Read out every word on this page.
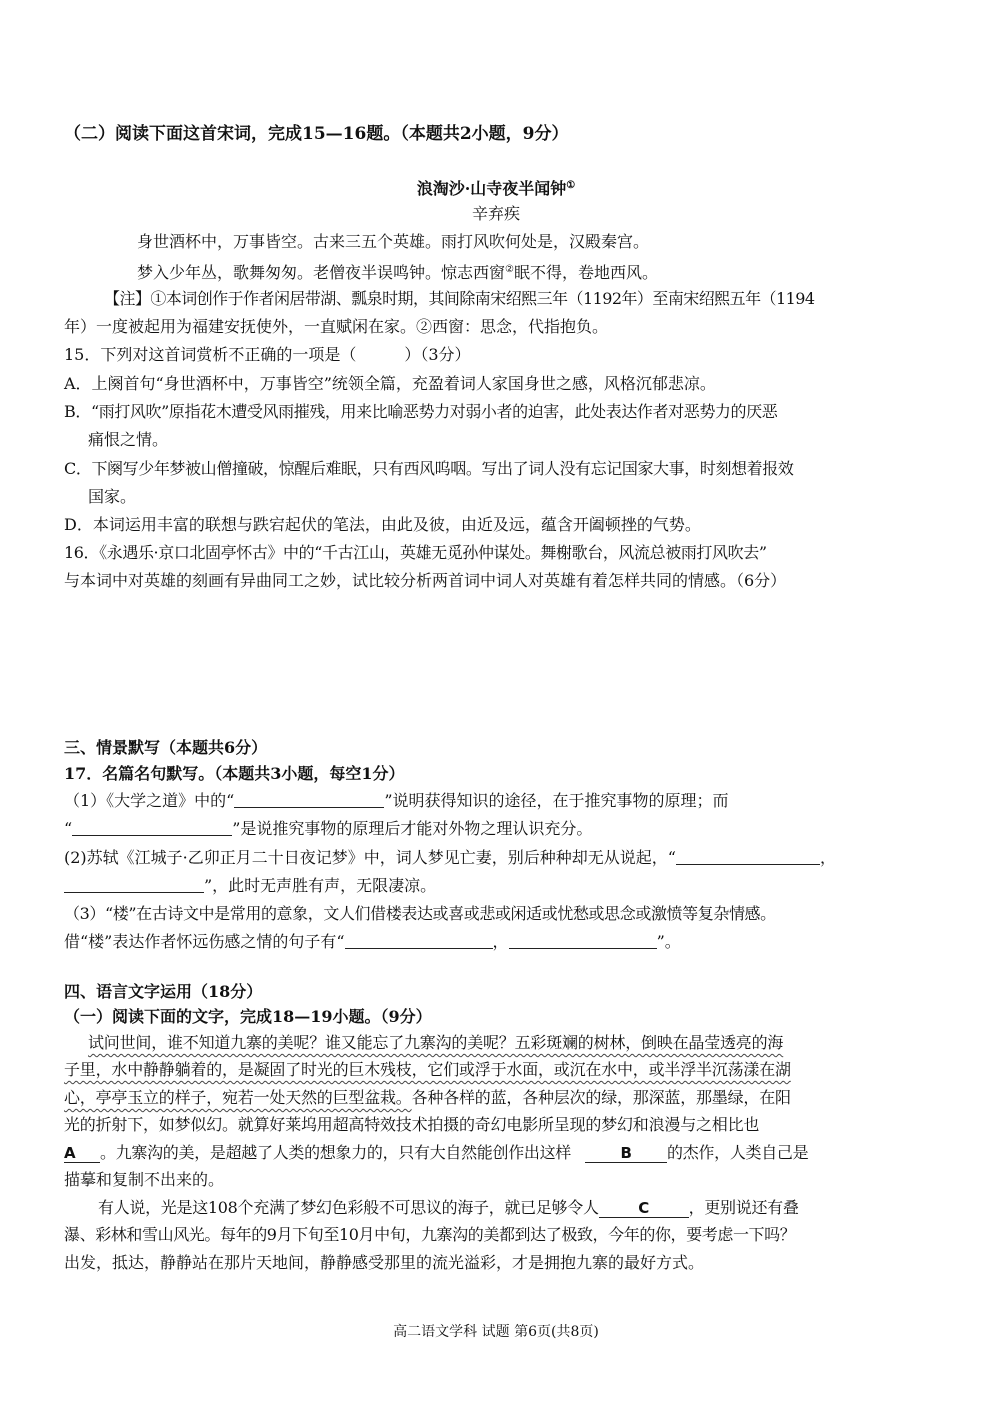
（二）阅读下面这首宋词，完成15—16题。（本题共2小题，9分）
浪淘沙·山寺夜半闻钟①
辛弃疾
身世酒杯中，万事皆空。古来三五个英雄。雨打风吹何处是，汉殿秦宫。
梦入少年丛，歌舞匆匆。老僧夜半误鸣钟。惊志西窗②眠不得，卷地西风。
【注】①本词创作于作者闲居带湖、瓢泉时期，其间除南宋绍熙三年（1192年）至南宋绍熙五年（1194
年）一度被起用为福建安抚使外，一直赋闲在家。②西窗：思念，代指抱负。
15．下列对这首词赏析不正确的一项是（　　　）（3分）
A．上阕首句“身世酒杯中，万事皆空”统领全篇，充盈着词人家国身世之感，风格沉郁悲凉。
B．“雨打风吹”原指花木遭受风雨摧残，用来比喻恶势力对弱小者的迫害，此处表达作者对恶势力的厌恶
痛恨之情。
C．下阕写少年梦被山僧撞破，惊醒后难眠，只有西风呜咽。写出了词人没有忘记国家大事，时刻想着报效
国家。
D．本词运用丰富的联想与跌宕起伏的笔法，由此及彼，由近及远，蕴含开阖顿挫的气势。
16．《永遇乐·京口北固亭怀古》中的“千古江山，英雄无觅孙仲谋处。舞榭歌台，风流总被雨打风吹去”
与本词中对英雄的刻画有异曲同工之妙，试比较分析两首词中词人对英雄有着怎样共同的情感。（6分）
三、情景默写（本题共6分）
17．名篇名句默写。（本题共3小题，每空1分）
（1）《大学之道》中的“	”说明获得知识的途径，在于推究事物的原理；而
“	”是说推究事物的原理后才能对外物之理认识充分。
(2)苏轼《江城子·乙卯正月二十日夜记梦》中，词人梦见亡妻，别后种种却无从说起，“	，
”，此时无声胜有声，无限凄凉。
（3）“楼”在古诗文中是常用的意象，文人们借楼表达或喜或悲或闲适或忧愁或思念或激愤等复杂情感。
借“楼”表达作者怀远伤感之情的句子有“	，	”。
四、语言文字运用（18分）
（一）阅读下面的文字，完成18—19小题。（9分）
试问世间，谁不知道九寨的美呢？谁又能忘了九寨沟的美呢？五彩斑斓的树林，倒映在晶莹透亮的海
子里，水中静静躺着的，是凝固了时光的巨木残枝，它们或浮于水面，或沉在水中，或半浮半沉荡漾在湖
心，亭亭玉立的样子，宛若一处天然的巨型盆栽。各种各样的蓝，各种层次的绿，那深蓝，那墨绿，在阳
光的折射下，如梦似幻。就算好莱坞用超高特效技术拍摄的奇幻电影所呈现的梦幻和浪漫与之相比也
A 。九寨沟的美，是超越了人类的想象力的，只有大自然能创作出这样	B 的杰作，人类自己是
描摹和复制不出来的。
有人说，光是这108个充满了梦幻色彩般不可思议的海子，就已足够令人	C ，更别说还有叠
瀑、彩林和雪山风光。每年的9月下旬至10月中旬，九寨沟的美都到达了极致，今年的你，要考虑一下吗？
出发，抵达，静静站在那片天地间，静静感受那里的流光溢彩，才是拥抱九寨的最好方式。
高二语文学科 试题 第6页(共8页)
